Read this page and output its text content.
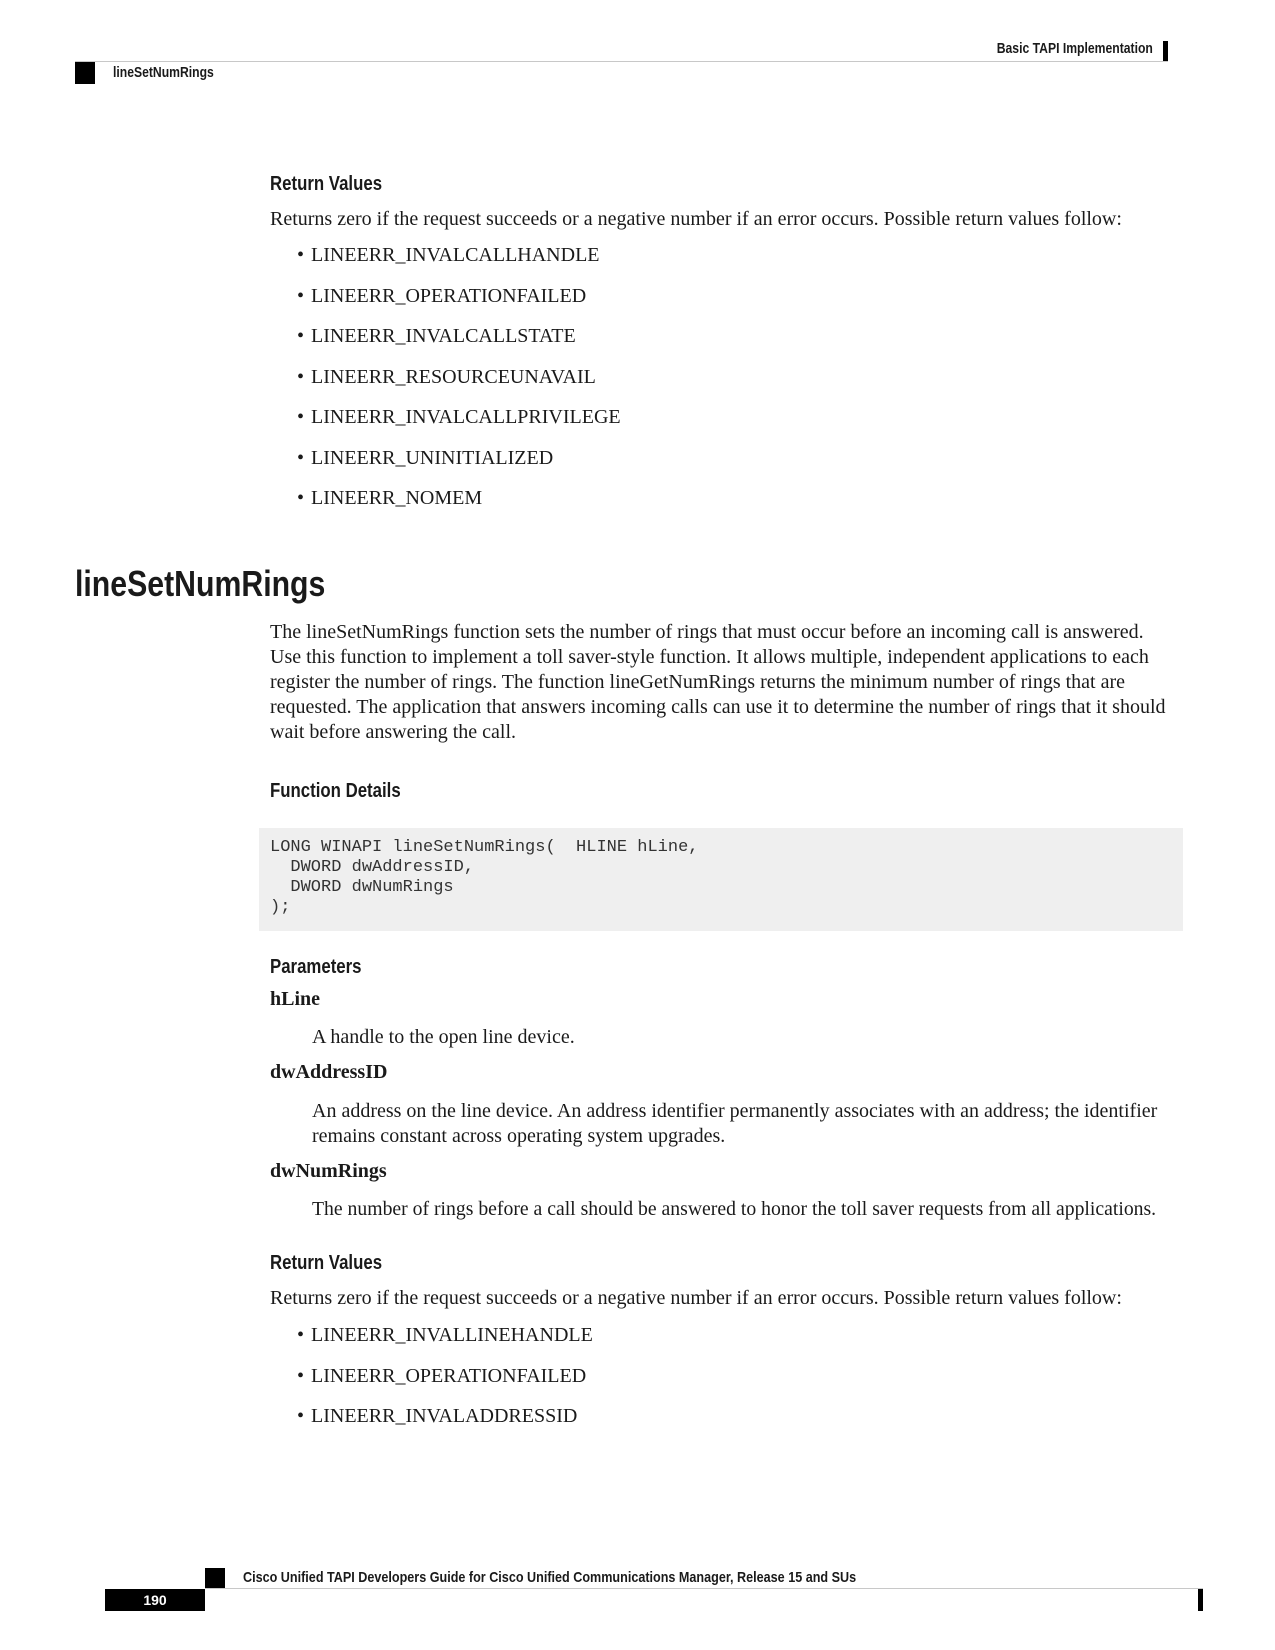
Basic TAPI Implementation
lineSetNumRings
Return Values
Returns zero if the request succeeds or a negative number if an error occurs. Possible return values follow:
• LINEERR_INVALCALLHANDLE
• LINEERR_OPERATIONFAILED
• LINEERR_INVALCALLSTATE
• LINEERR_RESOURCEUNAVAIL
• LINEERR_INVALCALLPRIVILEGE
• LINEERR_UNINITIALIZED
• LINEERR_NOMEM
lineSetNumRings
The lineSetNumRings function sets the number of rings that must occur before an incoming call is answered. Use this function to implement a toll saver-style function. It allows multiple, independent applications to each register the number of rings. The function lineGetNumRings returns the minimum number of rings that are requested. The application that answers incoming calls can use it to determine the number of rings that it should wait before answering the call.
Function Details
LONG WINAPI lineSetNumRings(  HLINE hLine,
DWORD dwAddressID,
DWORD dwNumRings
);
Parameters
hLine
A handle to the open line device.
dwAddressID
An address on the line device. An address identifier permanently associates with an address; the identifier remains constant across operating system upgrades.
dwNumRings
The number of rings before a call should be answered to honor the toll saver requests from all applications.
Return Values
Returns zero if the request succeeds or a negative number if an error occurs. Possible return values follow:
• LINEERR_INVALLINEHANDLE
• LINEERR_OPERATIONFAILED
• LINEERR_INVALADDRESSID
Cisco Unified TAPI Developers Guide for Cisco Unified Communications Manager, Release 15 and SUs
190
